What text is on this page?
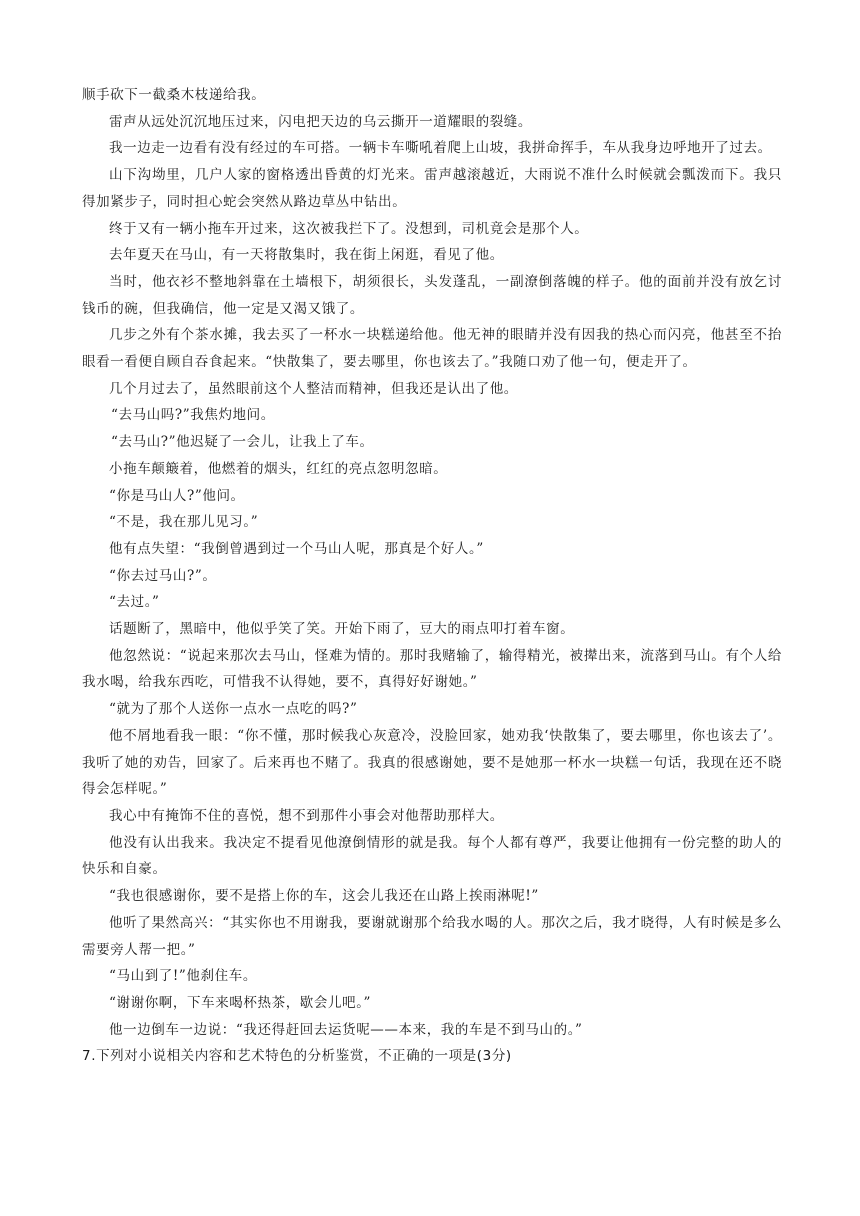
顺手砍下一截桑木枝递给我。

雷声从远处沉沉地压过来，闪电把天边的乌云撕开一道耀眼的裂缝。

我一边走一边看有没有经过的车可搭。一辆卡车嘶吼着爬上山坡，我拼命挥手，车从我身边呼地开了过去。

山下沟坳里，几户人家的窗格透出昏黄的灯光来。雷声越滚越近，大雨说不准什么时候就会瓢泼而下。我只得加紧步子，同时担心蛇会突然从路边草丛中钻出。

终于又有一辆小拖车开过来，这次被我拦下了。没想到，司机竟会是那个人。

去年夏天在马山，有一天将散集时，我在街上闲逛，看见了他。

当时，他衣衫不整地斜靠在土墙根下，胡须很长，头发蓬乱，一副潦倒落魄的样子。他的面前并没有放乞讨钱币的碗，但我确信，他一定是又渴又饿了。

几步之外有个茶水摊，我去买了一杯水一块糕递给他。他无神的眼睛并没有因我的热心而闪亮，他甚至不抬眼看一看便自顾自吞食起来。“快散集了，要去哪里，你也该去了。”我随口劝了他一句，便走开了。

几个月过去了，虽然眼前这个人整洁而精神，但我还是认出了他。

“去马山吗?”我焦灼地问。

“去马山?”他迟疑了一会儿，让我上了车。

小拖车颠簸着，他燃着的烟头，红红的亮点忽明忽暗。

“你是马山人?”他问。

“不是，我在那儿见习。”

他有点失望：“我倒曾遇到过一个马山人呢，那真是个好人。”

“你去过马山?”。

“去过。”

话题断了，黑暗中，他似乎笑了笑。开始下雨了，豆大的雨点叩打着车窗。

他忽然说：“说起来那次去马山，怪难为情的。那时我赌输了，输得精光，被撵出来，流落到马山。有个人给我水喝，给我东西吃，可惜我不认得她，要不，真得好好谢她。”

“就为了那个人送你一点水一点吃的吗?”

他不屑地看我一眼：“你不懂，那时候我心灰意冷，没脸回家，她劝我‘快散集了，要去哪里，你也该去了’。我听了她的劝告，回家了。后来再也不赌了。我真的很感谢她，要不是她那一杯水一块糕一句话，我现在还不晓得会怎样呢。”

我心中有掩饰不住的喜悦，想不到那件小事会对他帮助那样大。

他没有认出我来。我决定不提看见他潦倒情形的就是我。每个人都有尊严，我要让他拥有一份完整的助人的快乐和自豪。

“我也很感谢你，要不是搭上你的车，这会儿我还在山路上挨雨淋呢!”

他听了果然高兴：“其实你也不用谢我，要谢就谢那个给我水喝的人。那次之后，我才晓得，人有时候是多么需要旁人帮一把。”

“马山到了!”他刹住车。

“谢谢你啊，下车来喝杯热茶，歇会儿吧。”

他一边倒车一边说：“我还得赶回去运货呢——本来，我的车是不到马山的。”

7.下列对小说相关内容和艺术特色的分析鉴赏，不正确的一项是(3分)
